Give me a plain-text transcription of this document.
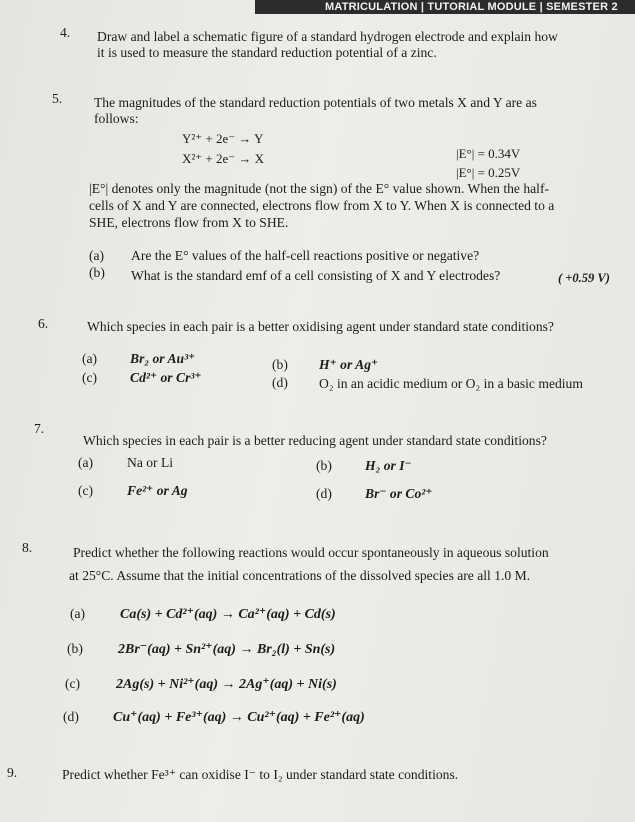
MATRICULATION | TUTORIAL MODULE | SEMESTER 2
4. Draw and label a schematic figure of a standard hydrogen electrode and explain how
it is used to measure the standard reduction potential of a zinc.
5. The magnitudes of the standard reduction potentials of two metals X and Y are as
follows:
Y²⁺ + 2e⁻ → Y
|E°| = 0.34V
X²⁺ + 2e⁻ → X
|E°| = 0.25V
|E°| denotes only the magnitude (not the sign) of the E° value shown. When the half-
cells of X and Y are connected, electrons flow from X to Y. When X is connected to a
SHE, electrons flow from X to SHE.
(a) Are the E° values of the half-cell reactions positive or negative?
(b) What is the standard emf of a cell consisting of X and Y electrodes?	( +0.59 V)
6.	Which species in each pair is a better oxidising agent under standard state conditions?
(a) Br₂ or Au³⁺	(b) H⁺ or Ag⁺
(c) Cd²⁺ or Cr³⁺	(d) O₂ in an acidic medium or O₂ in a basic medium
7.
Which species in each pair is a better reducing agent under standard state conditions?
(a) Na or Li	(b) H₂ or I⁻
(c) Fe²⁺ or Ag	(d) Br⁻ or Co²⁺
8.	Predict whether the following reactions would occur spontaneously in aqueous solution
at 25°C. Assume that the initial concentrations of the dissolved species are all 1.0 M.
(a) Ca(s) + Cd²⁺(aq) → Ca²⁺(aq) + Cd(s)
(b)	2Br⁻(aq) + Sn²⁺(aq) → Br₂(l) + Sn(s)
(c)	2Ag(s) + Ni²⁺(aq) → 2Ag⁺(aq) + Ni(s)
(d) Cu⁺(aq) + Fe³⁺(aq) → Cu²⁺(aq) + Fe²⁺(aq)
9.	Predict whether Fe³⁺ can oxidise I⁻ to I₂ under standard state conditions.
